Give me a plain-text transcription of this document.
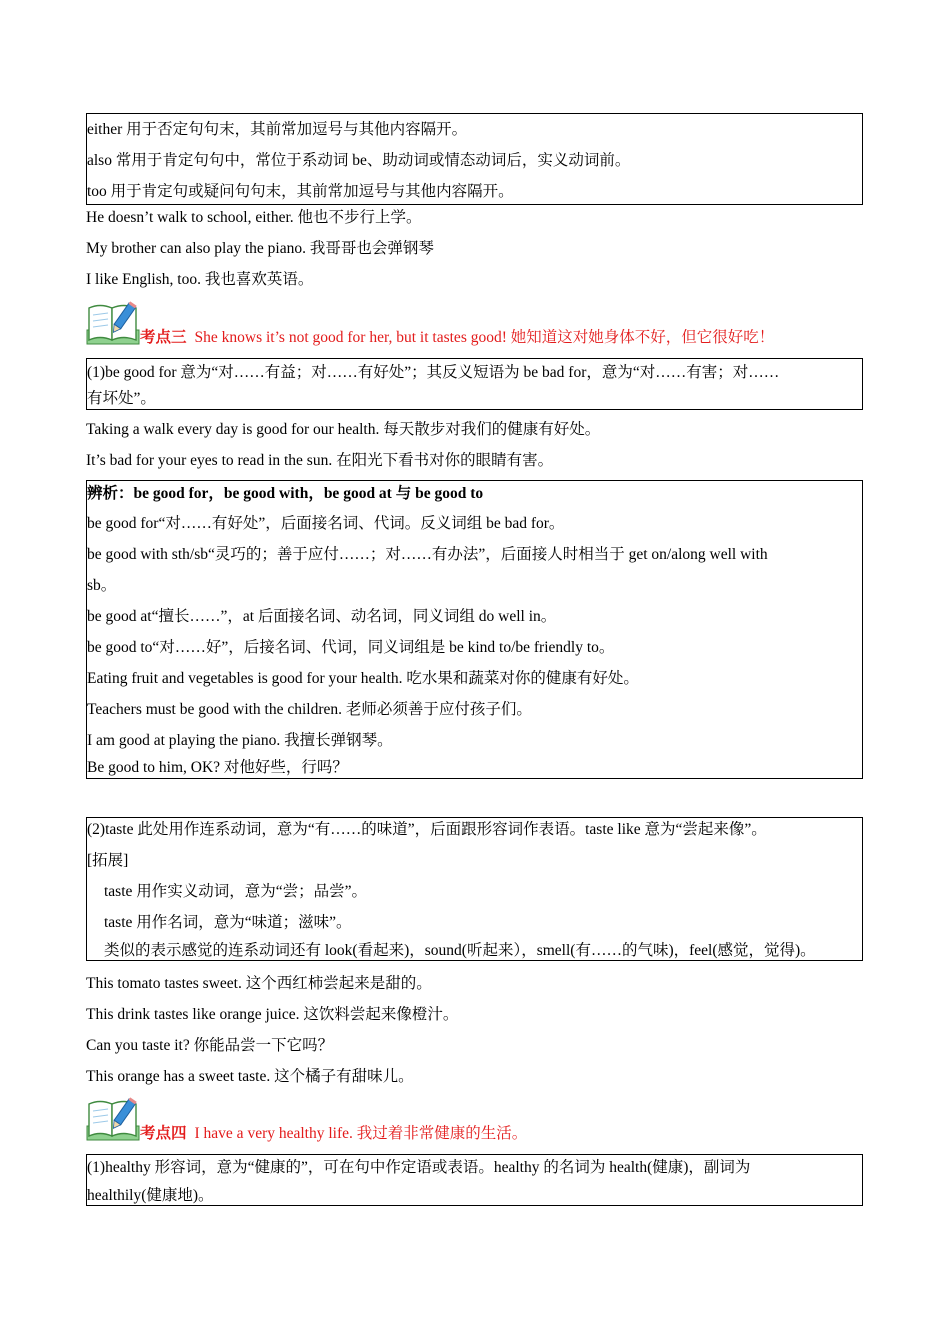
either 用于否定句句末，其前常加逗号与其他内容隔开。
also 常用于肯定句句中，常位于系动词 be、助动词或情态动词后，实义动词前。
too 用于肯定句或疑问句句末，其前常加逗号与其他内容隔开。
He doesn’t walk to school, either. 他也不步行上学。
My brother can also play the piano. 我哥哥也会弹钢琴
I like English, too. 我也喜欢英语。
考点三 She knows it’s not good for her, but it tastes good! 她知道这对她身体不好，但它很好吃！
(1)be good for 意为“对……有益；对……有好处”；其反义短语为 be bad for，意为“对……有害；对……
有坏处”。
Taking a walk every day is good for our health. 每天散步对我们的健康有好处。
It’s bad for your eyes to read in the sun. 在阳光下看书对你的眼睛有害。
辨析：be good for，be good with，be good at 与 be good to
be good for“对……有好处”，后面接名词、代词。反义词组 be bad for。
be good with sth/sb“灵巧的；善于应付……；对……有办法”，后面接人时相当于 get on/along well with
sb。
be good at“擅长……”，at 后面接名词、动名词，同义词组 do well in。
be good to“对……好”，后接名词、代词，同义词组是 be kind to/be friendly to。
Eating fruit and vegetables is good for your health. 吃水果和蔬菜对你的健康有好处。
Teachers must be good with the children. 老师必须善于应付孩子们。
I am good at playing the piano. 我擅长弹钢琴。
Be good to him, OK? 对他好些，行吗？
(2)taste 此处用作连系动词，意为“有……的味道”，后面跟形容词作表语。taste like 意为“尝起来像”。
[拓展]
taste 用作实义动词，意为“尝；品尝”。
taste 用作名词，意为“味道；滋味”。
类似的表示感觉的连系动词还有 look(看起来)，sound(听起来），smell(有……的气味)，feel(感觉，觉得)。
This tomato tastes sweet. 这个西红柿尝起来是甜的。
This drink tastes like orange juice. 这饮料尝起来像橙汁。
Can you taste it? 你能品尝一下它吗？
This orange has a sweet taste. 这个橘子有甜味儿。
考点四 I have a very healthy life. 我过着非常健康的生活。
(1)healthy 形容词，意为“健康的”，可在句中作定语或表语。healthy 的名词为 health(健康)，副词为
healthily(健康地)。
